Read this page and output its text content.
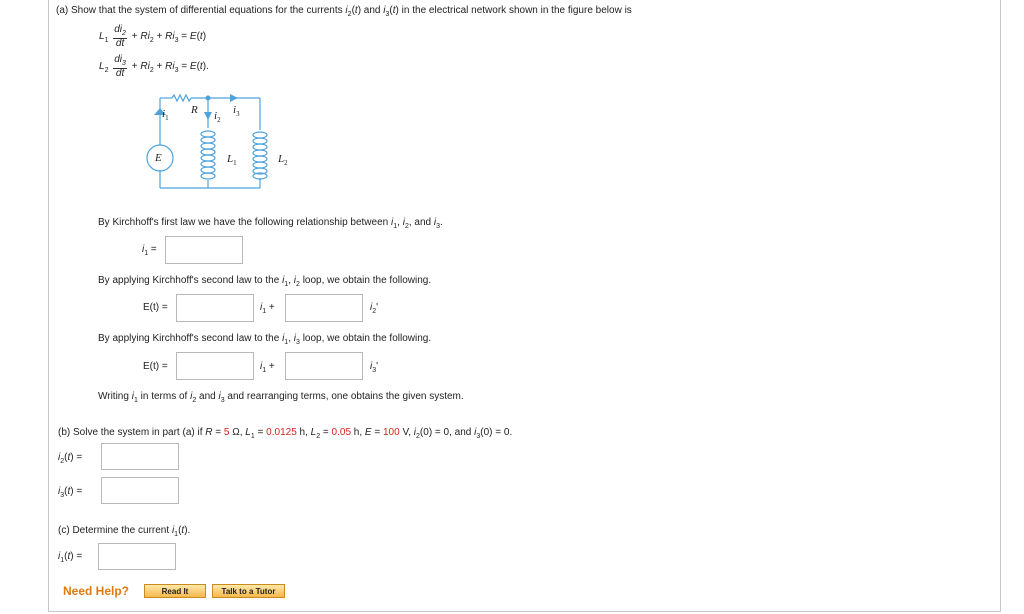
(a) Show that the system of differential equations for the currents $i_2(t)$ and $i_3(t)$ in the electrical network shown in the figure below is
$L_1 \frac{di_2}{dt} + Ri_2 + Ri_3 = E(t)$
$L_2 \frac{di_3}{dt} + Ri_2 + Ri_3 = E(t)$.
$i_1$
R $i_2$
$i_3$
E	$L_1$	$L_2$
By Kirchhoff's first law we have the following relationship between $i_1$, $i_2$, and $i_3$.
$i_1$ =
By applying Kirchhoff's second law to the $i_1$, $i_2$ loop, we obtain the following.
E(t) =	$i_1$ +	$i_2'$
By applying Kirchhoff's second law to the $i_1$, $i_3$ loop, we obtain the following.
E(t) =	$i_1$ +	$i_3'$
Writing $i_1$ in terms of $i_2$ and $i_3$ and rearranging terms, one obtains the given system.
(b) Solve the system in part (a) if R = 5 Ω, $L_1 = 0.0125$ h, $L_2 = 0.05$ h, E = 100 V, $i_2(0) = 0$, and $i_3(0) = 0$.
$i_2(t)$ =
$i_3(t)$ =
(c) Determine the current $i_1(t)$.
$i_1(t)$ =
Need Help?	Read It	Talk to a Tutor
